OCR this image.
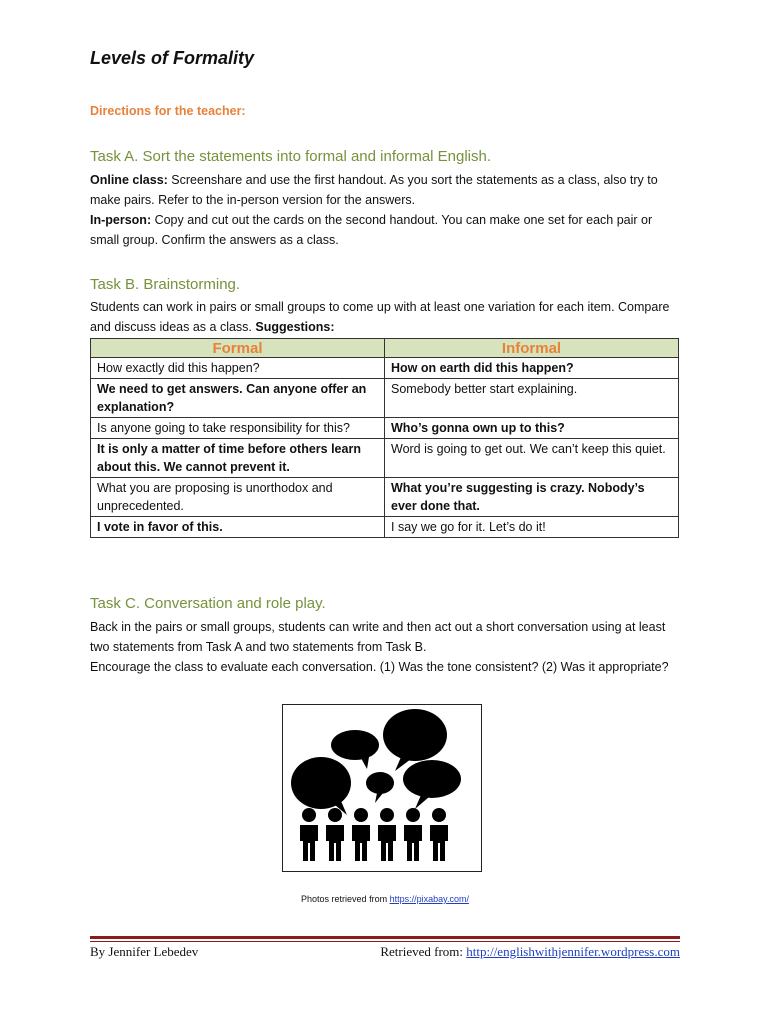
Levels of Formality
Directions for the teacher:
Task A. Sort the statements into formal and informal English.
Online class: Screenshare and use the first handout. As you sort the statements as a class, also try to make pairs. Refer to the in-person version for the answers.
In-person: Copy and cut out the cards on the second handout. You can make one set for each pair or small group. Confirm the answers as a class.
Task B. Brainstorming.
Students can work in pairs or small groups to come up with at least one variation for each item. Compare and discuss ideas as a class. Suggestions:
Formal	Informal
How exactly did this happen?	How on earth did this happen?
We need to get answers. Can anyone offer an explanation?	Somebody better start explaining.
Is anyone going to take responsibility for this?	Who’s gonna own up to this?
It is only a matter of time before others learn about this. We cannot prevent it.	Word is going to get out. We can’t keep this quiet.
What you are proposing is unorthodox and unprecedented.	What you’re suggesting is crazy. Nobody’s ever done that.
I vote in favor of this.	I say we go for it. Let’s do it!
Task C. Conversation and role play.
Back in the pairs or small groups, students can write and then act out a short conversation using at least two statements from Task A and two statements from Task B.
Encourage the class to evaluate each conversation. (1) Was the tone consistent? (2) Was it appropriate?
Photos retrieved from https://pixabay.com/
By Jennifer Lebedev	Retrieved from: http://englishwithjennifer.wordpress.com
